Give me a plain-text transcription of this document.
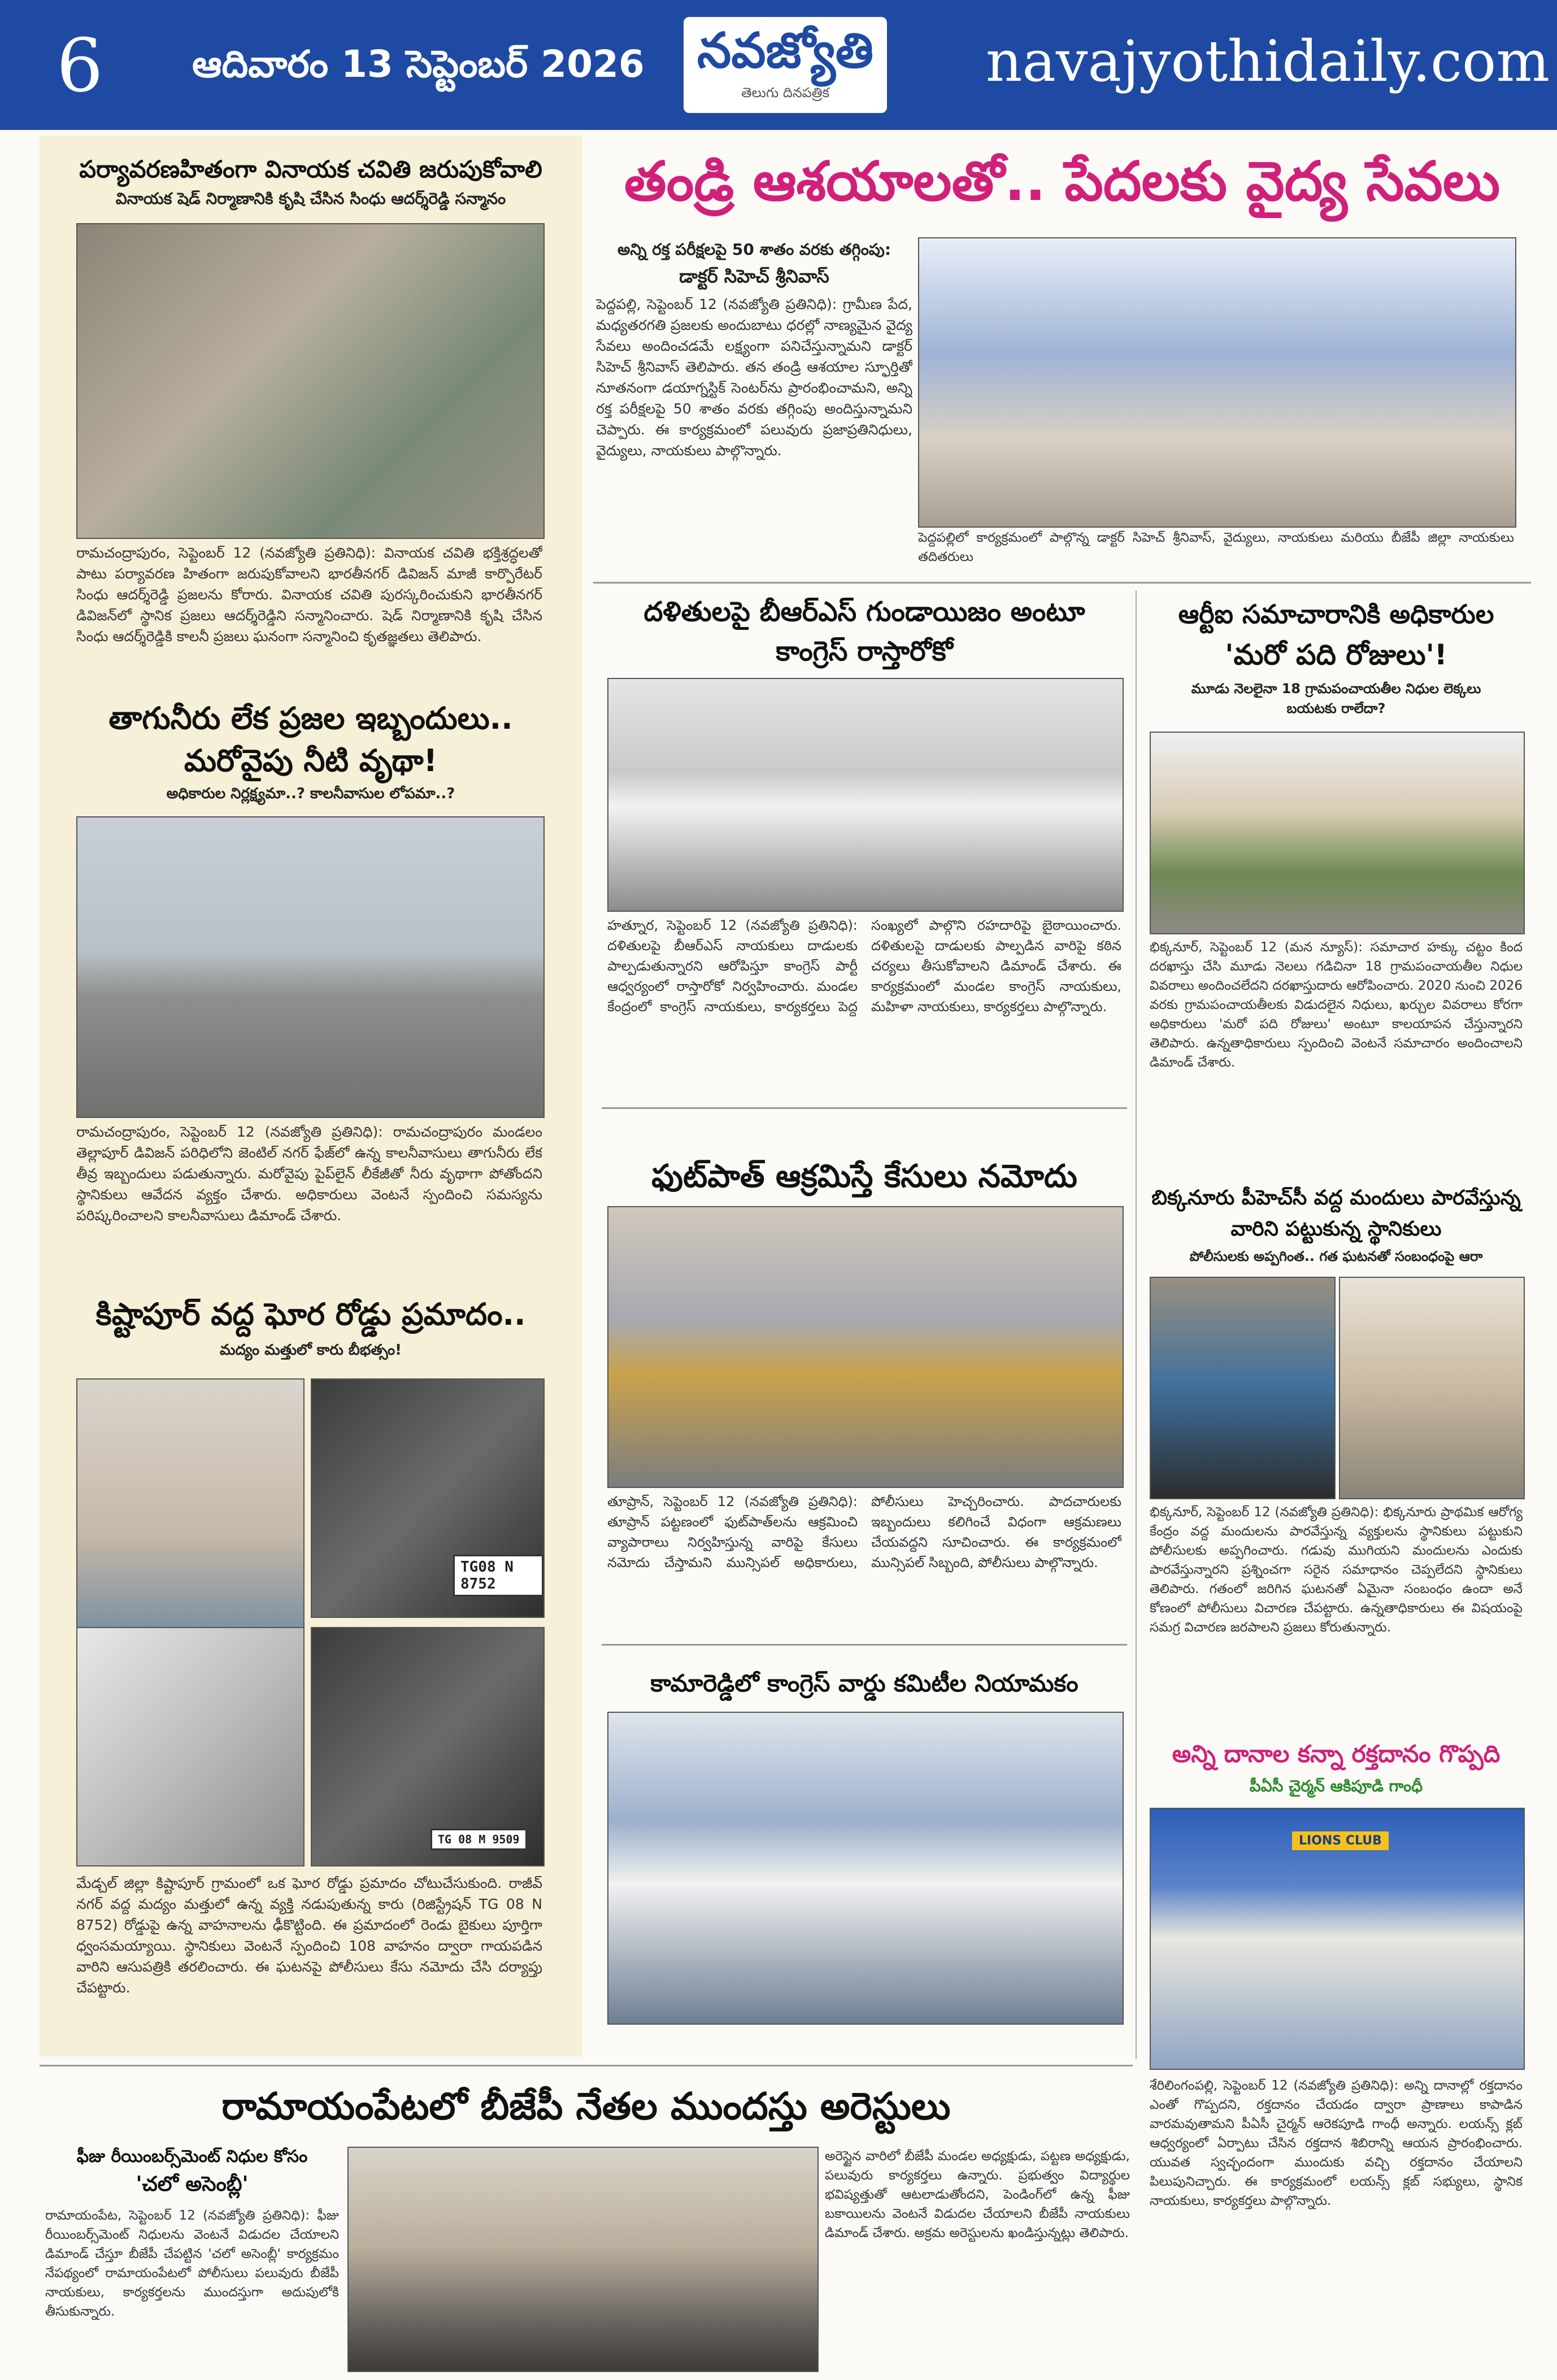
6 ఆదివారం 13 సెప్టెంబర్ 2026 నవజ్యోతి
తెలుగు దినపత్రిక	navajyothidaily.com
పర్యావరణహితంగా వినాయక చవితి జరుపుకోవాలి
వినాయక షెడ్ నిర్మాణానికి కృషి చేసిన సింధు ఆదర్శ్‌రెడ్డి సన్మానం
రామచంద్రాపురం, సెప్టెంబర్ 12 (నవజ్యోతి ప్రతినిధి): వినాయక చవితి భక్తిశ్రద్ధలతో పాటు పర్యావరణ హితంగా జరుపుకోవాలని భారతీనగర్ డివిజన్ మాజీ కార్పొరేటర్ సింధు ఆదర్శ్‌రెడ్డి ప్రజలను కోరారు. వినాయక చవితి పురస్కరించుకుని భారతీనగర్ డివిజన్‌లో స్థానిక ప్రజలు ఆదర్శ్‌రెడ్డిని సన్మానించారు. షెడ్ నిర్మాణానికి కృషి చేసిన సింధు ఆదర్శ్‌రెడ్డికి కాలనీ ప్రజలు ఘనంగా సన్మానించి కృతజ్ఞతలు తెలిపారు.
తాగునీరు లేక ప్రజల ఇబ్బందులు..
మరోవైపు నీటి వృథా!
అధికారుల నిర్లక్ష్యమా..? కాలనీవాసుల లోపమా..?
రామచంద్రాపురం, సెప్టెంబర్ 12 (నవజ్యోతి ప్రతినిధి): రామచంద్రాపురం మండలం తెల్లాపూర్ డివిజన్ పరిధిలోని జెంటిల్ నగర్ ఫేజ్‌లో ఉన్న కాలనీవాసులు తాగునీరు లేక తీవ్ర ఇబ్బందులు పడుతున్నారు. మరోవైపు పైప్‌లైన్ లీకేజీతో నీరు వృథాగా పోతోందని స్థానికులు ఆవేదన వ్యక్తం చేశారు. అధికారులు వెంటనే స్పందించి సమస్యను పరిష్కరించాలని కాలనీవాసులు డిమాండ్ చేశారు.
కిష్టాపూర్ వద్ద ఘోర రోడ్డు ప్రమాదం..
మద్యం మత్తులో కారు బీభత్సం!
TG08 N 8752
TG 08 M 9509
మేడ్చల్ జిల్లా కిష్టాపూర్ గ్రామంలో ఒక ఘోర రోడ్డు ప్రమాదం చోటుచేసుకుంది. రాజీవ్‌ నగర్ వద్ద మద్యం మత్తులో ఉన్న వ్యక్తి నడుపుతున్న కారు (రిజిస్ట్రేషన్ TG 08 N 8752) రోడ్డుపై ఉన్న వాహనాలను ఢీకొట్టింది. ఈ ప్రమాదంలో రెండు బైకులు పూర్తిగా ధ్వంసమయ్యాయి. స్థానికులు వెంటనే స్పందించి 108 వాహనం ద్వారా గాయపడిన వారిని ఆసుపత్రికి తరలించారు. ఈ ఘటనపై పోలీసులు కేసు నమోదు చేసి దర్యాప్తు చేపట్టారు.
తండ్రి ఆశయాలతో.. పేదలకు వైద్య సేవలు
అన్ని రక్త పరీక్షలపై 50 శాతం వరకు తగ్గింపు:
డాక్టర్ సిహెచ్ శ్రీనివాస్
పెద్దపల్లి, సెప్టెంబర్ 12 (నవజ్యోతి ప్రతినిధి): గ్రామీణ పేద, మధ్యతరగతి ప్రజలకు అందుబాటు ధరల్లో నాణ్యమైన వైద్య సేవలు అందించడమే లక్ష్యంగా పనిచేస్తున్నామని డాక్టర్ సిహెచ్ శ్రీనివాస్ తెలిపారు. తన తండ్రి ఆశయాల స్ఫూర్తితో నూతనంగా డయాగ్నస్టిక్ సెంటర్‌ను ప్రారంభించామని, అన్ని రక్త పరీక్షలపై 50 శాతం వరకు తగ్గింపు అందిస్తున్నామని చెప్పారు. ఈ కార్యక్రమంలో పలువురు ప్రజాప్రతినిధులు, వైద్యులు, నాయకులు పాల్గొన్నారు.
పెద్దపల్లిలో కార్యక్రమంలో పాల్గొన్న డాక్టర్ సిహెచ్ శ్రీనివాస్, వైద్యులు, నాయకులు మరియు బీజేపీ జిల్లా నాయకులు తదితరులు
దళితులపై బీఆర్ఎస్ గుండాయిజం అంటూ
కాంగ్రెస్ రాస్తారోకో
హత్నూర, సెప్టెంబర్ 12 (నవజ్యోతి ప్రతినిధి): దళితులపై బీఆర్ఎస్ నాయకులు దాడులకు పాల్పడుతున్నారని ఆరోపిస్తూ కాంగ్రెస్ పార్టీ ఆధ్వర్యంలో రాస్తారోకో నిర్వహించారు. మండల కేంద్రంలో కాంగ్రెస్ నాయకులు, కార్యకర్తలు పెద్ద సంఖ్యలో పాల్గొని రహదారిపై బైఠాయించారు. దళితులపై దాడులకు పాల్పడిన వారిపై కఠిన చర్యలు తీసుకోవాలని డిమాండ్ చేశారు. ఈ కార్యక్రమంలో మండల కాంగ్రెస్ నాయకులు, మహిళా నాయకులు, కార్యకర్తలు పాల్గొన్నారు.
ఫుట్‌పాత్ ఆక్రమిస్తే కేసులు నమోదు
తూప్రాన్, సెప్టెంబర్ 12 (నవజ్యోతి ప్రతినిధి): తూప్రాన్ పట్టణంలో ఫుట్‌పాత్‌లను ఆక్రమించి వ్యాపారాలు నిర్వహిస్తున్న వారిపై కేసులు నమోదు చేస్తామని మున్సిపల్ అధికారులు, పోలీసులు హెచ్చరించారు. పాదచారులకు ఇబ్బందులు కలిగించే విధంగా ఆక్రమణలు చేయవద్దని సూచించారు. ఈ కార్యక్రమంలో మున్సిపల్ సిబ్బంది, పోలీసులు పాల్గొన్నారు.
కామారెడ్డిలో కాంగ్రెస్ వార్డు కమిటీల నియామకం
ఆర్టీఐ సమాచారానికి అధికారుల
'మరో పది రోజులు'!
మూడు నెలలైనా 18 గ్రామపంచాయతీల నిధుల లెక్కలు
బయటకు రాలేదా?
భిక్కనూర్, సెప్టెంబర్ 12 (మన న్యూస్): సమాచార హక్కు చట్టం కింద దరఖాస్తు చేసి మూడు నెలలు గడిచినా 18 గ్రామపంచాయతీల నిధుల వివరాలు అందించలేదని దరఖాస్తుదారు ఆరోపించారు. 2020 నుంచి 2026 వరకు గ్రామపంచాయతీలకు విడుదలైన నిధులు, ఖర్చుల వివరాలు కోరగా అధికారులు 'మరో పది రోజులు' అంటూ కాలయాపన చేస్తున్నారని తెలిపారు. ఉన్నతాధికారులు స్పందించి వెంటనే సమాచారం అందించాలని డిమాండ్ చేశారు.
బిక్కనూరు పీహెచ్‌సీ వద్ద మందులు పారవేస్తున్న
వారిని పట్టుకున్న స్థానికులు
పోలీసులకు అప్పగింత.. గత ఘటనతో సంబంధంపై ఆరా
భిక్కనూర్, సెప్టెంబర్ 12 (నవజ్యోతి ప్రతినిధి): భిక్కనూరు ప్రాథమిక ఆరోగ్య కేంద్రం వద్ద మందులను పారవేస్తున్న వ్యక్తులను స్థానికులు పట్టుకుని పోలీసులకు అప్పగించారు. గడువు ముగియని మందులను ఎందుకు పారవేస్తున్నారని ప్రశ్నించగా సరైన సమాధానం చెప్పలేదని స్థానికులు తెలిపారు. గతంలో జరిగిన ఘటనతో ఏమైనా సంబంధం ఉందా అనే కోణంలో పోలీసులు విచారణ చేపట్టారు. ఉన్నతాధికారులు ఈ విషయంపై సమగ్ర విచారణ జరపాలని ప్రజలు కోరుతున్నారు.
అన్ని దానాల కన్నా రక్తదానం గొప్పది
పీఏసీ చైర్మన్ ఆకిపూడి గాంధీ
LIONS CLUB
శేరిలింగంపల్లి, సెప్టెంబర్ 12 (నవజ్యోతి ప్రతినిధి): అన్ని దానాల్లో రక్తదానం ఎంతో గొప్పదని, రక్తదానం చేయడం ద్వారా ప్రాణాలు కాపాడిన వారమవుతామని పీఏసీ చైర్మన్ ఆరెకపూడి గాంధీ అన్నారు. లయన్స్ క్లబ్ ఆధ్వర్యంలో ఏర్పాటు చేసిన రక్తదాన శిబిరాన్ని ఆయన ప్రారంభించారు. యువత స్వచ్ఛందంగా ముందుకు వచ్చి రక్తదానం చేయాలని పిలుపునిచ్చారు. ఈ కార్యక్రమంలో లయన్స్ క్లబ్ సభ్యులు, స్థానిక నాయకులు, కార్యకర్తలు పాల్గొన్నారు.
రామాయంపేటలో బీజేపీ నేతల ముందస్తు అరెస్టులు
ఫీజు రీయింబర్స్‌మెంట్ నిధుల కోసం
'చలో అసెంబ్లీ'
రామాయంపేట, సెప్టెంబర్ 12 (నవజ్యోతి ప్రతినిధి): ఫీజు రీయింబర్స్‌మెంట్ నిధులను వెంటనే విడుదల చేయాలని డిమాండ్ చేస్తూ బీజేపీ చేపట్టిన 'చలో అసెంబ్లీ' కార్యక్రమం నేపథ్యంలో రామాయంపేటలో పోలీసులు పలువురు బీజేపీ నాయకులు, కార్యకర్తలను ముందస్తుగా అదుపులోకి తీసుకున్నారు.
అరెస్టైన వారిలో బీజేపీ మండల అధ్యక్షుడు, పట్టణ అధ్యక్షుడు, పలువురు కార్యకర్తలు ఉన్నారు. ప్రభుత్వం విద్యార్థుల భవిష్యత్తుతో ఆటలాడుతోందని, పెండింగ్‌లో ఉన్న ఫీజు బకాయిలను వెంటనే విడుదల చేయాలని బీజేపీ నాయకులు డిమాండ్ చేశారు. అక్రమ అరెస్టులను ఖండిస్తున్నట్లు తెలిపారు.
